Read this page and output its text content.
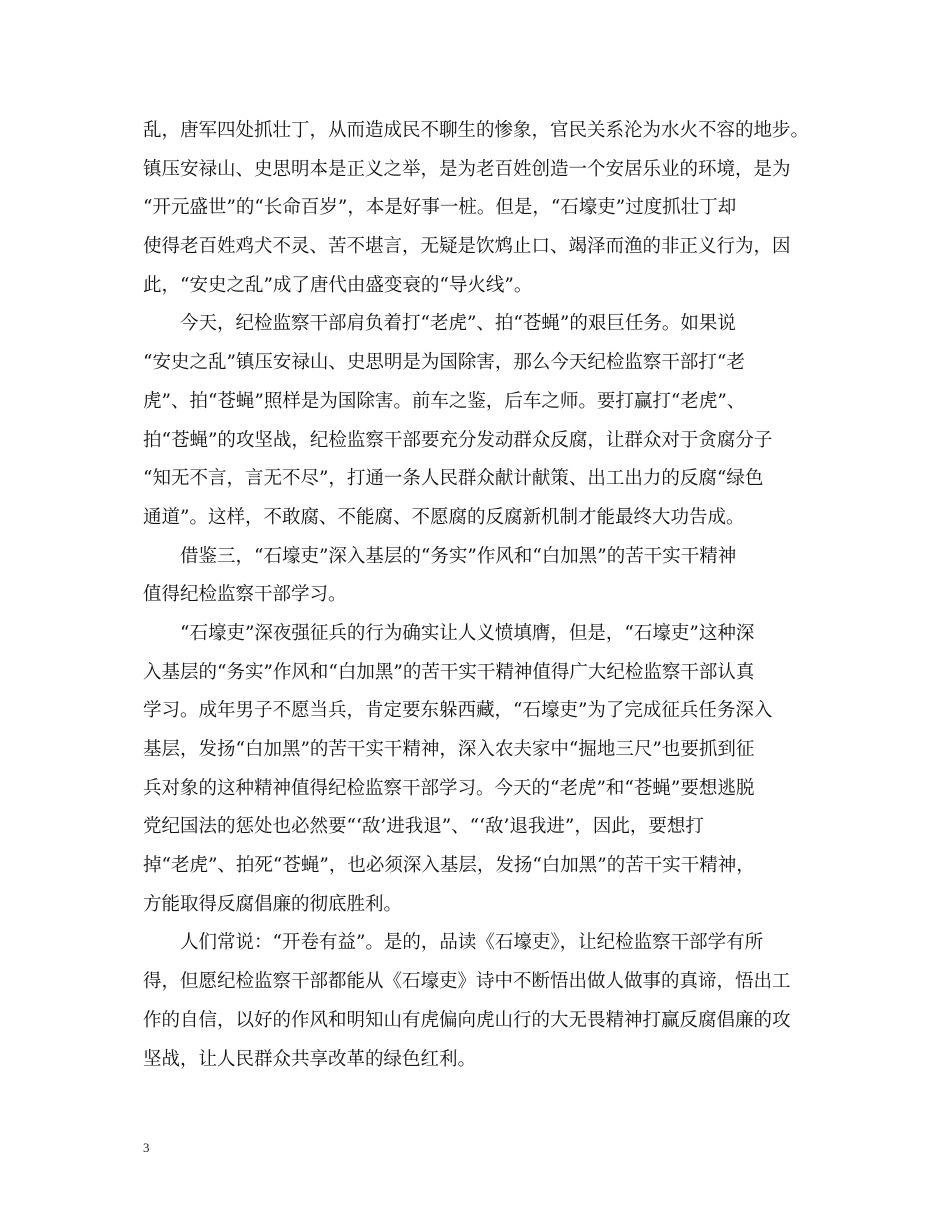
乱，唐军四处抓壮丁，从而造成民不聊生的惨象，官民关系沦为水火不容的地步。
镇压安禄山、史思明本是正义之举，是为老百姓创造一个安居乐业的环境，是为
“开元盛世”的“长命百岁”，本是好事一桩。但是，“石壕吏”过度抓壮丁却
使得老百姓鸡犬不灵、苦不堪言，无疑是饮鸩止口、竭泽而渔的非正义行为，因
此，“安史之乱”成了唐代由盛变衰的“导火线”。
今天，纪检监察干部肩负着打“老虎”、拍“苍蝇”的艰巨任务。如果说
“安史之乱”镇压安禄山、史思明是为国除害，那么今天纪检监察干部打“老
虎”、拍“苍蝇”照样是为国除害。前车之鉴，后车之师。要打赢打“老虎”、
拍“苍蝇”的攻坚战，纪检监察干部要充分发动群众反腐，让群众对于贪腐分子
“知无不言，言无不尽”，打通一条人民群众献计献策、出工出力的反腐“绿色
通道”。这样，不敢腐、不能腐、不愿腐的反腐新机制才能最终大功告成。
借鉴三，“石壕吏”深入基层的“务实”作风和“白加黑”的苦干实干精神
值得纪检监察干部学习。
“石壕吏”深夜强征兵的行为确实让人义愤填膺，但是，“石壕吏”这种深
入基层的“务实”作风和“白加黑”的苦干实干精神值得广大纪检监察干部认真
学习。成年男子不愿当兵，肯定要东躲西藏，“石壕吏”为了完成征兵任务深入
基层，发扬“白加黑”的苦干实干精神，深入农夫家中“掘地三尺”也要抓到征
兵对象的这种精神值得纪检监察干部学习。今天的“老虎”和“苍蝇”要想逃脱
党纪国法的惩处也必然要“‘敌’进我退”、“‘敌’退我进”，因此，要想打
掉“老虎”、拍死“苍蝇”，也必须深入基层，发扬“白加黑”的苦干实干精神，
方能取得反腐倡廉的彻底胜利。
人们常说：“开卷有益”。是的，品读《石壕吏》，让纪检监察干部学有所
得，但愿纪检监察干部都能从《石壕吏》诗中不断悟出做人做事的真谛，悟出工
作的自信，以好的作风和明知山有虎偏向虎山行的大无畏精神打赢反腐倡廉的攻
坚战，让人民群众共享改革的绿色红利。
3
